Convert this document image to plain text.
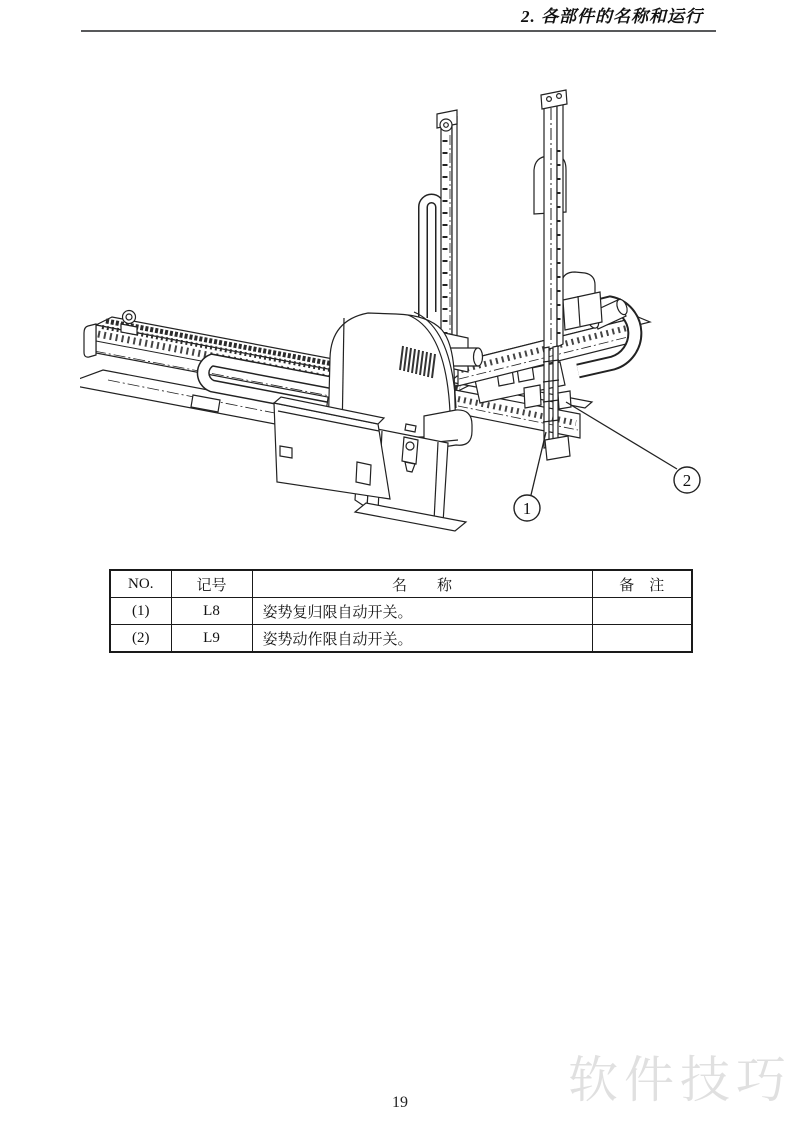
2. 各部件的名称和运行
1
2
NO.	记号	名　　称	备　注
(1)	L8	姿势复归限自动开关。	
(2)	L9	姿势动作限自动开关。	
软件技巧
19
